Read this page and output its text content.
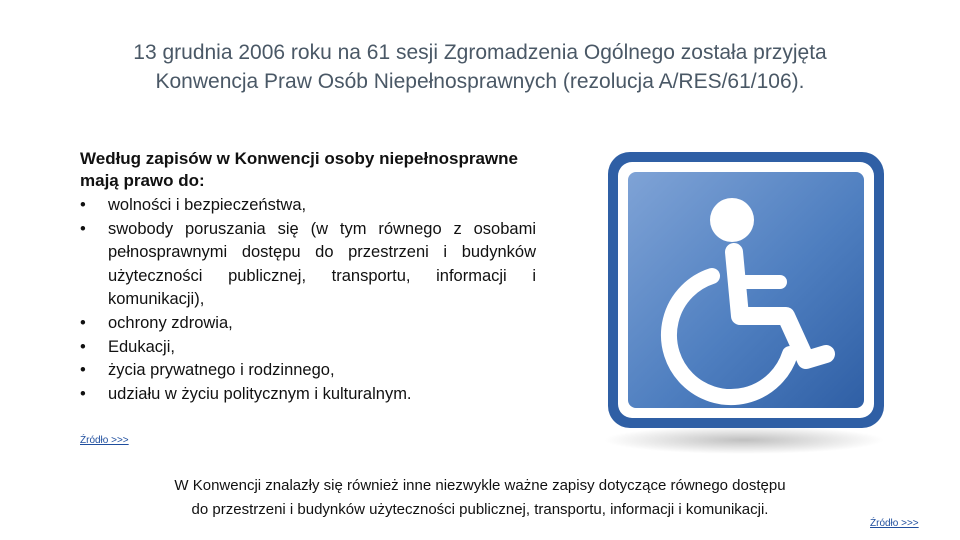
13 grudnia 2006 roku na 61 sesji Zgromadzenia Ogólnego została przyjęta
Konwencja Praw Osób Niepełnosprawnych (rezolucja A/RES/61/106).

Według zapisów w Konwencji osoby niepełnosprawne
mają prawo do:

•	wolności i bezpieczeństwa,
•	swobody poruszania się (w tym równego z osobami pełnosprawnymi dostępu do przestrzeni i budynków użyteczności publicznej, transportu, informacji i komunikacji),
•	ochrony zdrowia,
•	Edukacji,
•	życia prywatnego i rodzinnego,
•	udziału w życiu politycznym i kulturalnym.
Źródło >>>
W Konwencji znalazły się również inne niezwykle ważne zapisy dotyczące równego dostępu
do przestrzeni i budynków użyteczności publicznej, transportu, informacji i komunikacji.
Źródło >>>
